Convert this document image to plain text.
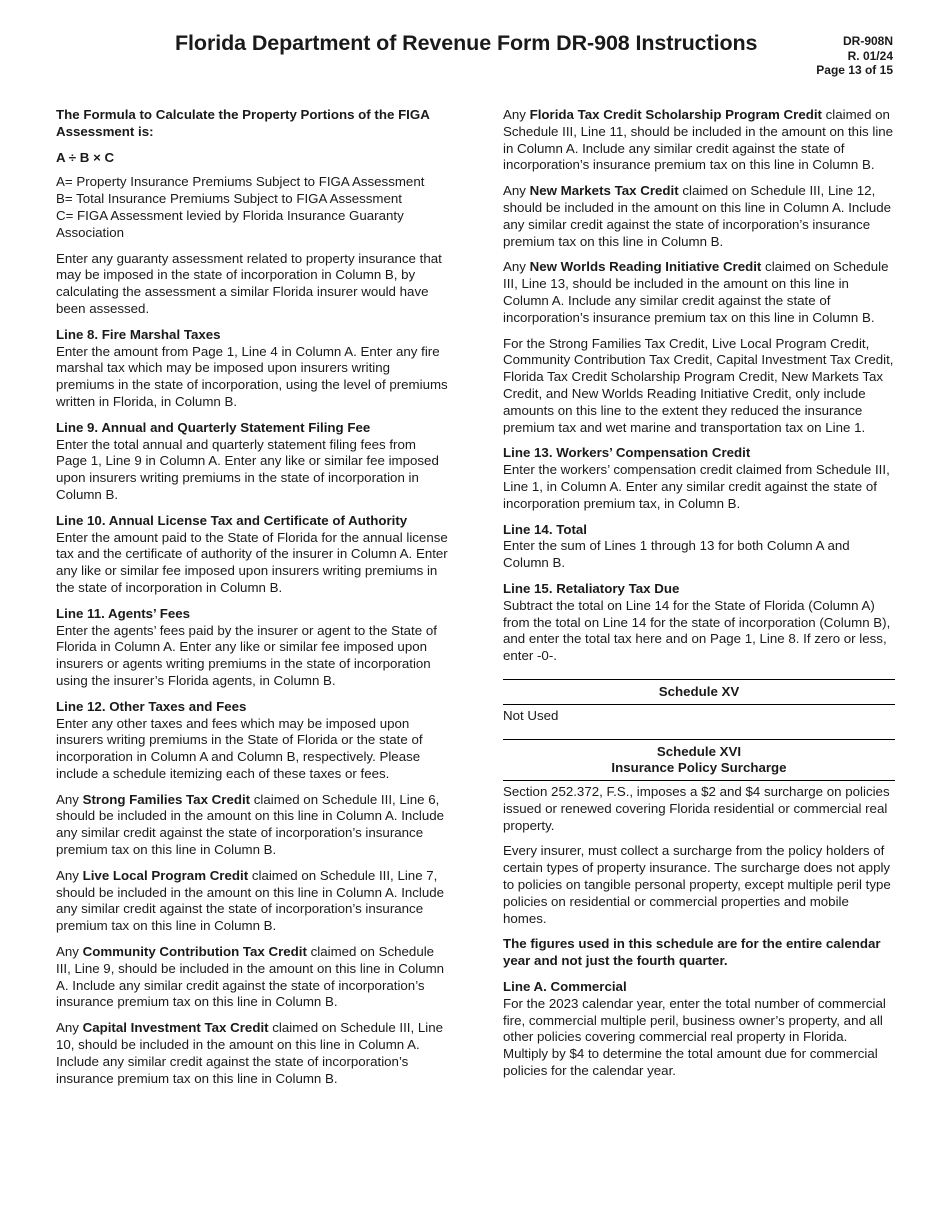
Florida Department of Revenue Form DR-908 Instructions	DR-908N
R. 01/24
Page 13 of 15

The Formula to Calculate the Property Portions of the FIGA Assessment is:

A ÷ B × C

A= Property Insurance Premiums Subject to FIGA Assessment
B= Total Insurance Premiums Subject to FIGA Assessment
C= FIGA Assessment levied by Florida Insurance Guaranty Association

Enter any guaranty assessment related to property insurance that may be imposed in the state of incorporation in Column B, by calculating the assessment a similar Florida insurer would have been assessed.

Line 8. Fire Marshal Taxes
Enter the amount from Page 1, Line 4 in Column A. Enter any fire marshal tax which may be imposed upon insurers writing premiums in the state of incorporation, using the level of premiums written in Florida, in Column B.

Line 9. Annual and Quarterly Statement Filing Fee
Enter the total annual and quarterly statement filing fees from Page 1, Line 9 in Column A. Enter any like or similar fee imposed upon insurers writing premiums in the state of incorporation in Column B.

Line 10. Annual License Tax and Certificate of Authority
Enter the amount paid to the State of Florida for the annual license tax and the certificate of authority of the insurer in Column A. Enter any like or similar fee imposed upon insurers writing premiums in the state of incorporation in Column B.

Line 11. Agents’ Fees
Enter the agents’ fees paid by the insurer or agent to the State of Florida in Column A. Enter any like or similar fee imposed upon insurers or agents writing premiums in the state of incorporation using the insurer’s Florida agents, in Column B.

Line 12. Other Taxes and Fees
Enter any other taxes and fees which may be imposed upon insurers writing premiums in the State of Florida or the state of incorporation in Column A and Column B, respectively. Please include a schedule itemizing each of these taxes or fees.

Any Strong Families Tax Credit claimed on Schedule III, Line 6, should be included in the amount on this line in Column A. Include any similar credit against the state of incorporation’s insurance premium tax on this line in Column B.

Any Live Local Program Credit claimed on Schedule III, Line 7, should be included in the amount on this line in Column A. Include any similar credit against the state of incorporation’s insurance premium tax on this line in Column B.

Any Community Contribution Tax Credit claimed on Schedule III, Line 9, should be included in the amount on this line in Column A. Include any similar credit against the state of incorporation’s insurance premium tax on this line in Column B.

Any Capital Investment Tax Credit claimed on Schedule III, Line 10, should be included in the amount on this line in Column A. Include any similar credit against the state of incorporation’s insurance premium tax on this line in Column B.

Any Florida Tax Credit Scholarship Program Credit claimed on Schedule III, Line 11, should be included in the amount on this line in Column A. Include any similar credit against the state of incorporation’s insurance premium tax on this line in Column B.

Any New Markets Tax Credit claimed on Schedule III, Line 12, should be included in the amount on this line in Column A. Include any similar credit against the state of incorporation’s insurance premium tax on this line in Column B.

Any New Worlds Reading Initiative Credit claimed on Schedule III, Line 13, should be included in the amount on this line in Column A. Include any similar credit against the state of incorporation’s insurance premium tax on this line in Column B.

For the Strong Families Tax Credit, Live Local Program Credit, Community Contribution Tax Credit, Capital Investment Tax Credit, Florida Tax Credit Scholarship Program Credit, New Markets Tax Credit, and New Worlds Reading Initiative Credit, only include amounts on this line to the extent they reduced the insurance premium tax and wet marine and transportation tax on Line 1.

Line 13. Workers’ Compensation Credit
Enter the workers’ compensation credit claimed from Schedule III, Line 1, in Column A. Enter any similar credit against the state of incorporation premium tax, in Column B.

Line 14. Total
Enter the sum of Lines 1 through 13 for both Column A and Column B.

Line 15. Retaliatory Tax Due
Subtract the total on Line 14 for the State of Florida (Column A) from the total on Line 14 for the state of incorporation (Column B), and enter the total tax here and on Page 1, Line 8. If zero or less, enter -0-.

Schedule XV

Not Used

Schedule XVI
Insurance Policy Surcharge

Section 252.372, F.S., imposes a $2 and $4 surcharge on policies issued or renewed covering Florida residential or commercial real property.

Every insurer, must collect a surcharge from the policy holders of certain types of property insurance. The surcharge does not apply to policies on tangible personal property, except multiple peril type policies on residential or commercial properties and mobile homes.

The figures used in this schedule are for the entire calendar year and not just the fourth quarter.

Line A. Commercial
For the 2023 calendar year, enter the total number of commercial fire, commercial multiple peril, business owner’s property, and all other policies covering commercial real property in Florida. Multiply by $4 to determine the total amount due for commercial policies for the calendar year.
